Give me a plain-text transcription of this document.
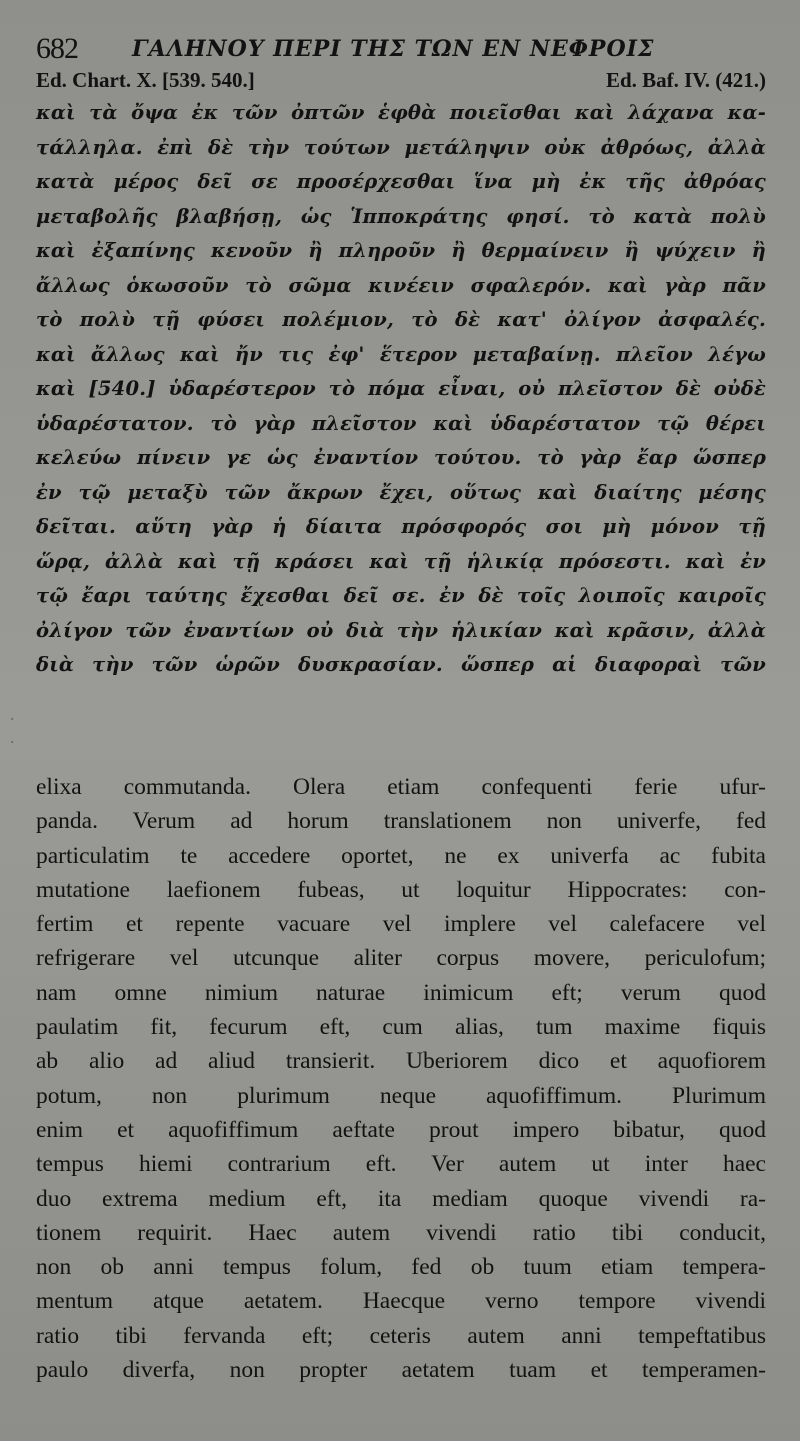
682 ΓΑΛΗΝΟΥ ΠΕΡΙ ΤΗΣ ΤΩΝ ΕΝ ΝΕΦΡΟΙΣ
Ed. Chart. X. [539. 540.]	Ed. Baf. IV. (421.)
καὶ τὰ ὄψα ἐκ τῶν ὀπτῶν ἑφθὰ ποιεῖσθαι καὶ λάχανα κα-
τάλληλα. ἐπὶ δὲ τὴν τούτων μετάληψιν οὐκ ἀθρόως, ἀλλὰ
κατὰ μέρος δεῖ σε προσέρχεσθαι ἵνα μὴ ἐκ τῆς ἀθρόας
μεταβολῆς βλαβήσῃ, ὡς Ἱπποκράτης φησί. τὸ κατὰ πολὺ
καὶ ἐξαπίνης κενοῦν ἢ πληροῦν ἢ θερμαίνειν ἢ ψύχειν ἢ
ἄλλως ὁκωσοῦν τὸ σῶμα κινέειν σφαλερόν. καὶ γὰρ πᾶν
τὸ πολὺ τῇ φύσει πολέμιον, τὸ δὲ κατ' ὀλίγον ἀσφαλές.
καὶ ἄλλως καὶ ἤν τις ἐφ' ἕτερον μεταβαίνῃ. πλεῖον λέγω
καὶ [540.] ὑδαρέστερον τὸ πόμα εἶναι, οὐ πλεῖστον δὲ οὐδὲ
ὑδαρέστατον. τὸ γὰρ πλεῖστον καὶ ὑδαρέστατον τῷ θέρει
κελεύω πίνειν γε ὡς ἐναντίον τούτου. τὸ γὰρ ἔαρ ὥσπερ
ἐν τῷ μεταξὺ τῶν ἄκρων ἔχει, οὕτως καὶ διαίτης μέσης
δεῖται. αὕτη γὰρ ἡ δίαιτα πρόσφορός σοι μὴ μόνον τῇ
ὥρᾳ, ἀλλὰ καὶ τῇ κράσει καὶ τῇ ἡλικίᾳ πρόσεστι. καὶ ἐν
τῷ ἔαρι ταύτης ἔχεσθαι δεῖ σε. ἐν δὲ τοῖς λοιποῖς καιροῖς
ὀλίγον τῶν ἐναντίων οὐ διὰ τὴν ἡλικίαν καὶ κρᾶσιν, ἀλλὰ
διὰ τὴν τῶν ὡρῶν δυσκρασίαν. ὥσπερ αἱ διαφοραὶ τῶν
·
·
elixa commutanda. Olera etiam confequenti ferie ufur-
panda. Verum ad horum translationem non univerfe, fed
particulatim te accedere oportet, ne ex univerfa ac fubita
mutatione laefionem fubeas, ut loquitur Hippocrates: con-
fertim et repente vacuare vel implere vel calefacere vel
refrigerare vel utcunque aliter corpus movere, periculofum;
nam omne nimium naturae inimicum eft; verum quod
paulatim fit, fecurum eft, cum alias, tum maxime fiquis
ab alio ad aliud transierit. Uberiorem dico et aquofiorem
potum, non plurimum neque aquofiffimum. Plurimum
enim et aquofiffimum aeftate prout impero bibatur, quod
tempus hiemi contrarium eft. Ver autem ut inter haec
duo extrema medium eft, ita mediam quoque vivendi ra-
tionem requirit. Haec autem vivendi ratio tibi conducit,
non ob anni tempus folum, fed ob tuum etiam tempera-
mentum atque aetatem. Haecque verno tempore vivendi
ratio tibi fervanda eft; ceteris autem anni tempeftatibus
paulo diverfa, non propter aetatem tuam et temperamen-
